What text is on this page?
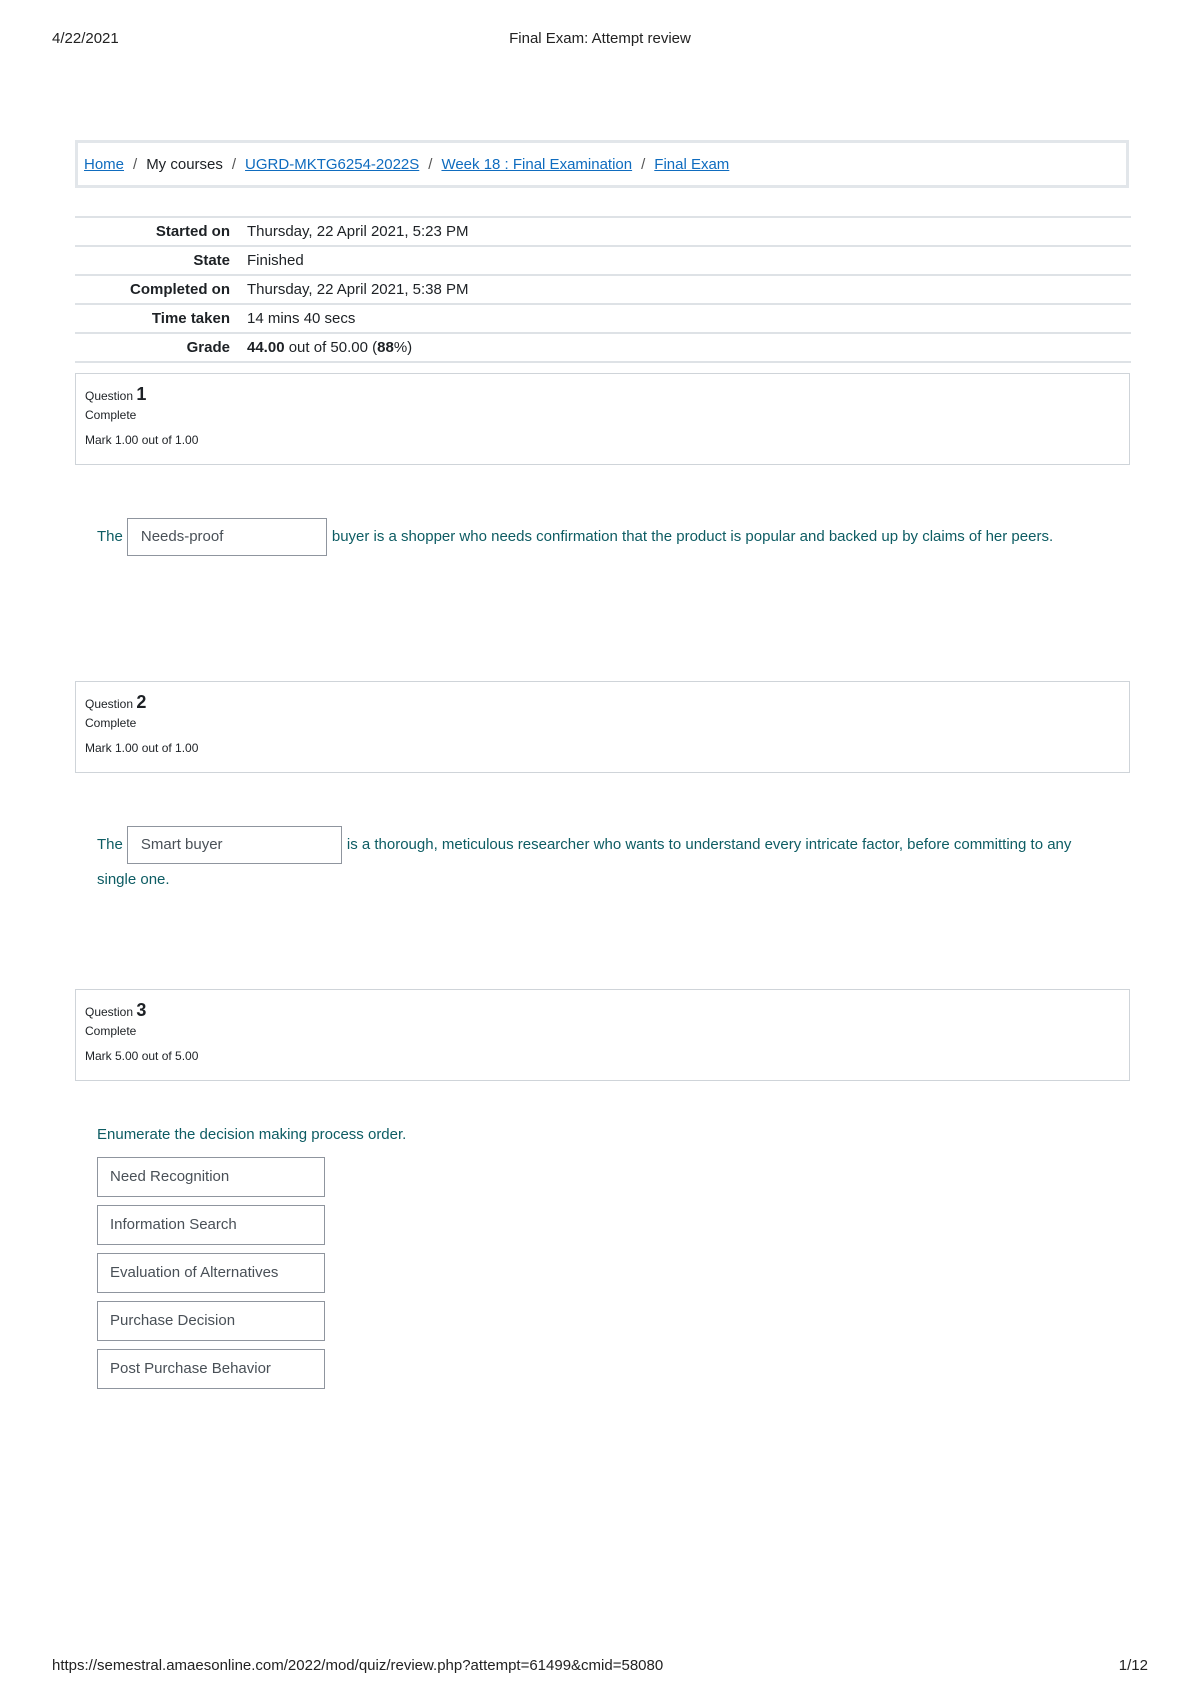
4/22/2021	Final Exam: Attempt review
Home / My courses / UGRD-MKTG6254-2022S / Week 18 : Final Examination / Final Exam
Started on	Thursday, 22 April 2021, 5:23 PM
State	Finished
Completed on	Thursday, 22 April 2021, 5:38 PM
Time taken	14 mins 40 secs
Grade	44.00 out of 50.00 (88%)
Question 1
Complete
Mark 1.00 out of 1.00
The Needs-proof	buyer is a shopper who needs confirmation that the product is popular and backed up by claims of her peers.
Question 2
Complete
Mark 1.00 out of 1.00
The Smart buyer	is a thorough, meticulous researcher who wants to understand every intricate factor, before committing to any single one.
Question 3
Complete
Mark 5.00 out of 5.00
Enumerate the decision making process order.
Need Recognition
Information Search
Evaluation of Alternatives
Purchase Decision
Post Purchase Behavior
https://semestral.amaesonline.com/2022/mod/quiz/review.php?attempt=61499&cmid=58080	1/12
